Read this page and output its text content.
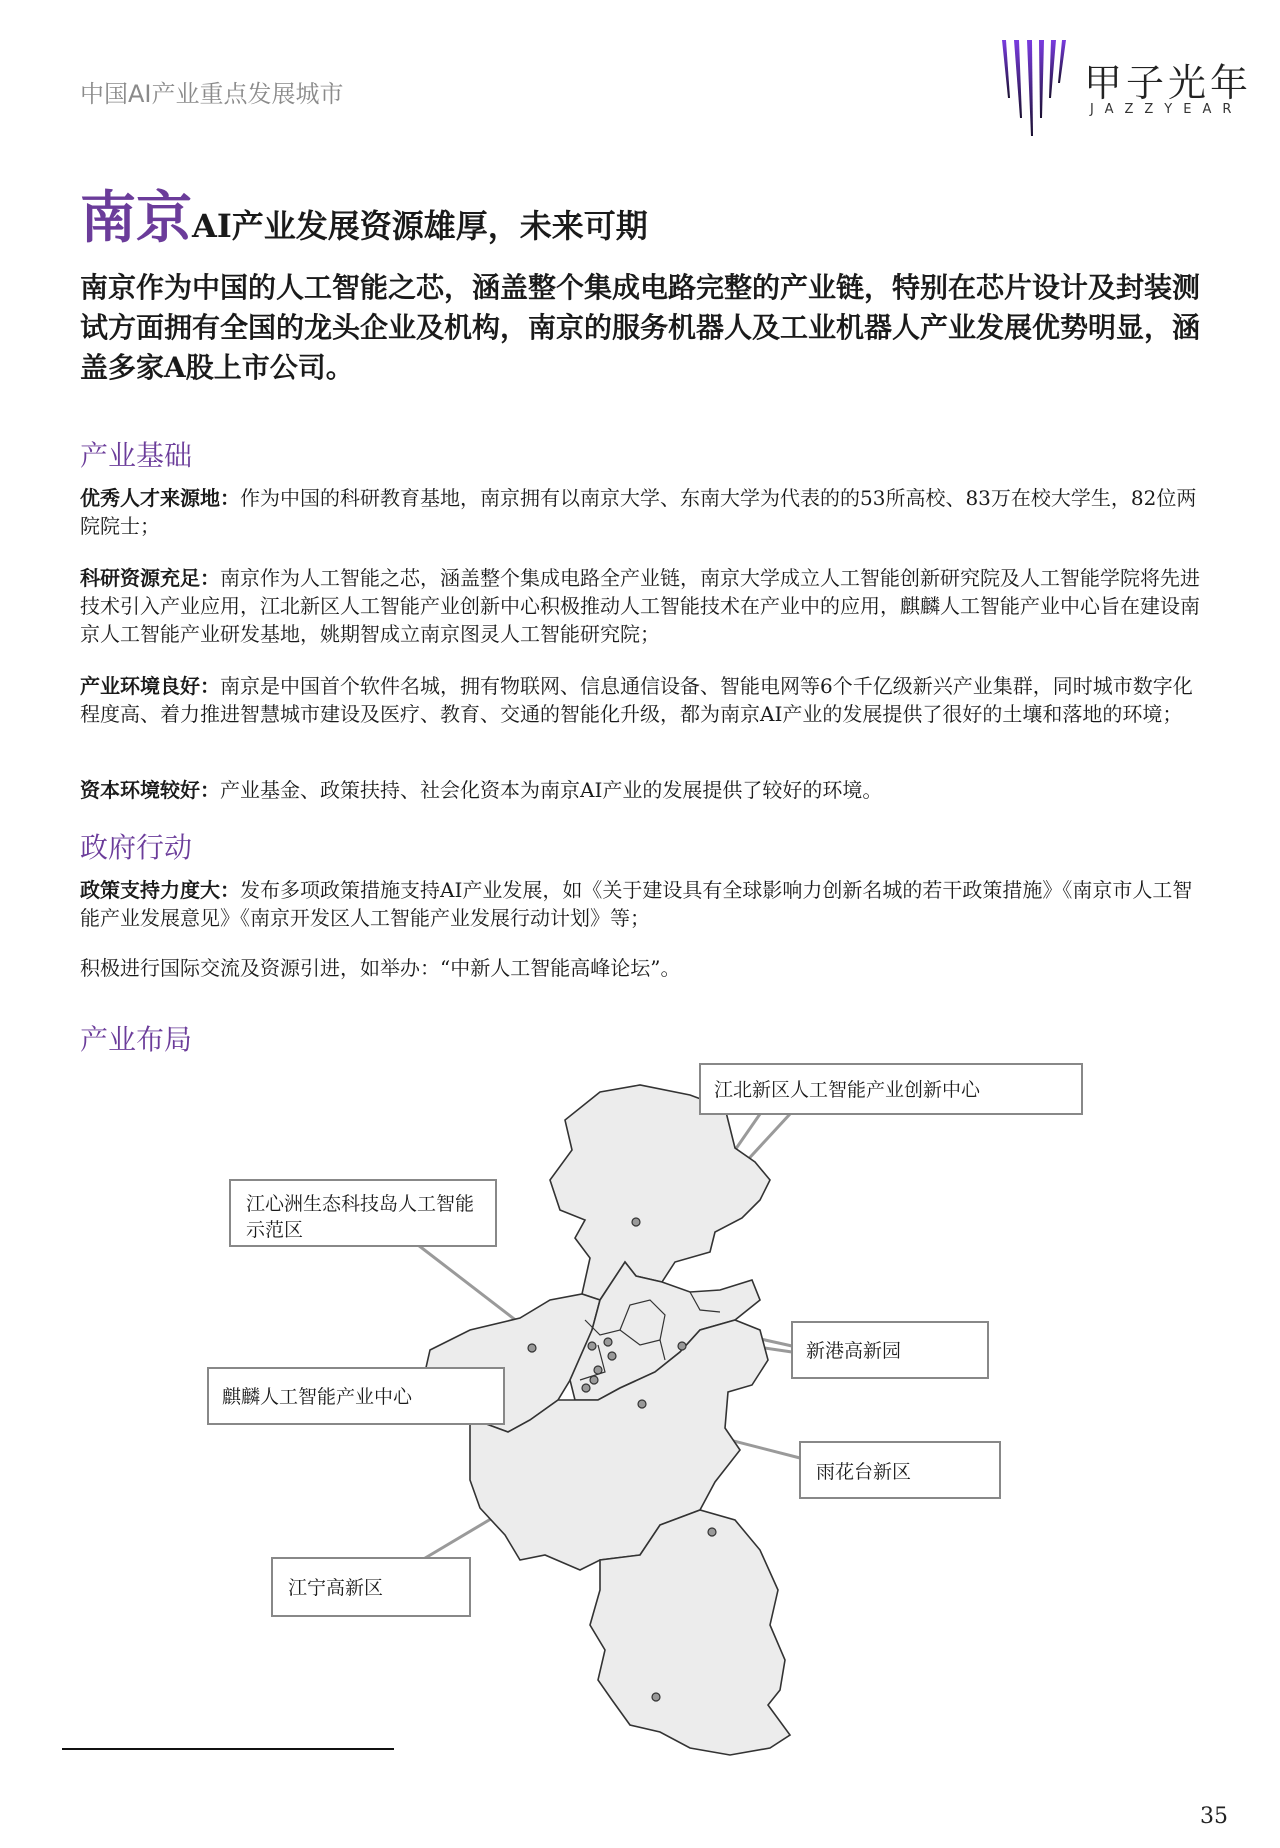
中国AI产业重点发展城市	甲子光年
JAZZYEAR
南京AI产业发展资源雄厚，未来可期
南京作为中国的人工智能之芯，涵盖整个集成电路完整的产业链，特别在芯片设计及封装测试方面拥有全国的龙头企业及机构，南京的服务机器人及工业机器人产业发展优势明显，涵盖多家A股上市公司。
产业基础
优秀人才来源地：作为中国的科研教育基地，南京拥有以南京大学、东南大学为代表的的53所高校、83万在校大学生，82位两院院士；
科研资源充足：南京作为人工智能之芯，涵盖整个集成电路全产业链，南京大学成立人工智能创新研究院及人工智能学院将先进技术引入产业应用，江北新区人工智能产业创新中心积极推动人工智能技术在产业中的应用，麒麟人工智能产业中心旨在建设南京人工智能产业研发基地，姚期智成立南京图灵人工智能研究院；
产业环境良好：南京是中国首个软件名城，拥有物联网、信息通信设备、智能电网等6个千亿级新兴产业集群，同时城市数字化程度高、着力推进智慧城市建设及医疗、教育、交通的智能化升级，都为南京AI产业的发展提供了很好的土壤和落地的环境；
资本环境较好：产业基金、政策扶持、社会化资本为南京AI产业的发展提供了较好的环境。
政府行动
政策支持力度大：发布多项政策措施支持AI产业发展，如《关于建设具有全球影响力创新名城的若干政策措施》《南京市人工智能产业发展意见》《南京开发区人工智能产业发展行动计划》等；
积极进行国际交流及资源引进，如举办：“中新人工智能高峰论坛”。
产业布局
江北新区人工智能产业创新中心
江心洲生态科技岛人工智能
示范区
新港高新园
麒麟人工智能产业中心
雨花台新区
江宁高新区
35
